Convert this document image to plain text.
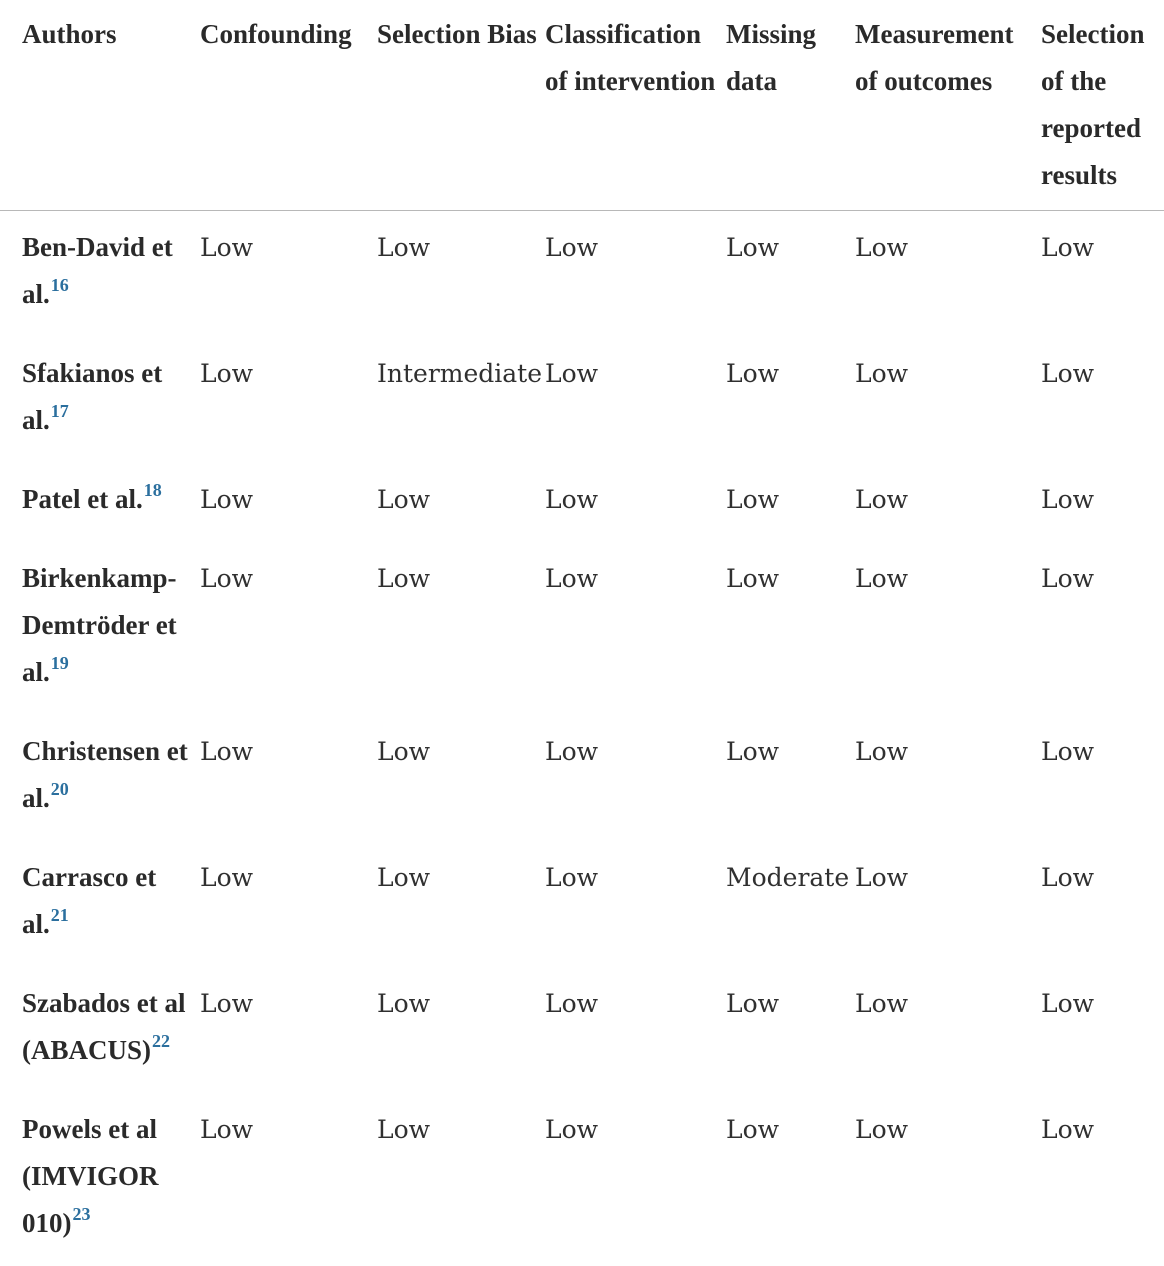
Authors	Confounding	Selection Bias	Classification of intervention	Missing data	Measurement of outcomes	Selection of the reported results
Ben-David et al.$^{16}$	Low	Low	Low	Low	Low	Low
Sfakianos et al.$^{17}$	Low	Intermediate	Low	Low	Low	Low
Patel et al.$^{18}$	Low	Low	Low	Low	Low	Low
Birkenkamp-Demtröder et al.$^{19}$	Low	Low	Low	Low	Low	Low
Christensen et al.$^{20}$	Low	Low	Low	Low	Low	Low
Carrasco et al.$^{21}$	Low	Low	Low	Moderate	Low	Low
Szabados et al (ABACUS)$^{22}$	Low	Low	Low	Low	Low	Low
Powels et al (IMVIGOR 010)$^{23}$	Low	Low	Low	Low	Low	Low
